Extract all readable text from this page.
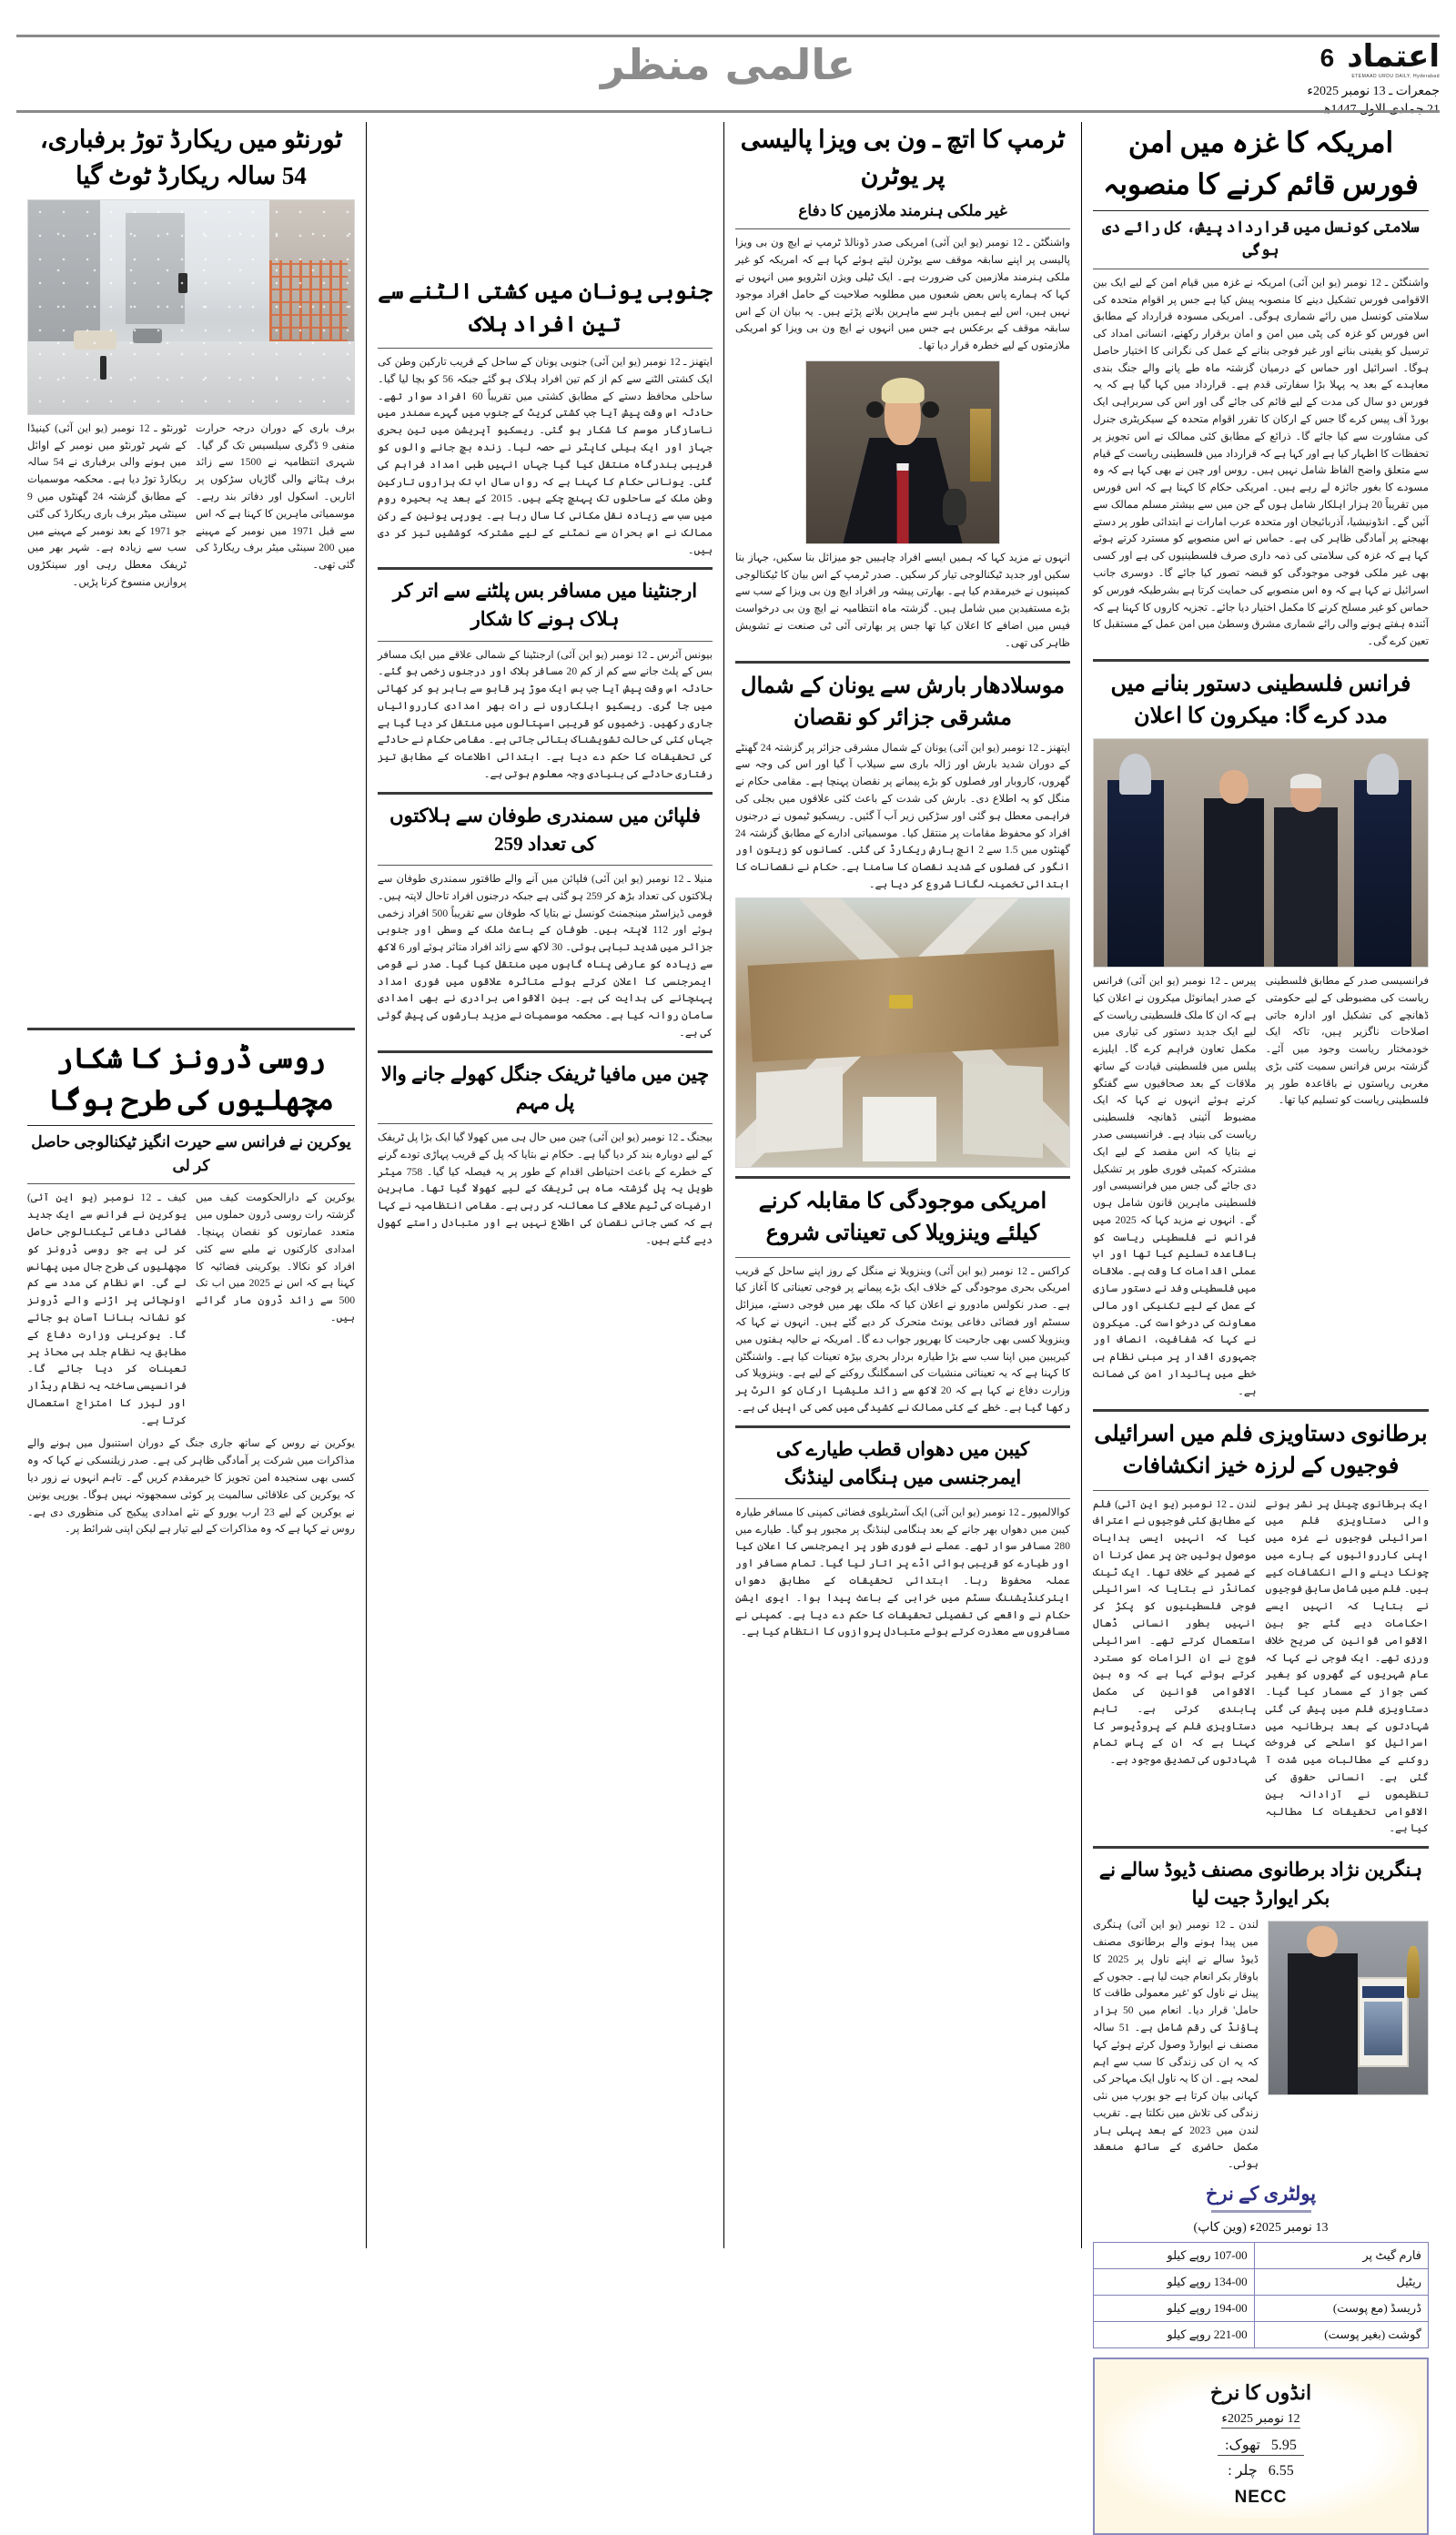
عالمی منظر	اعتماد
6
ETEMAAD URDU DAILY, Hyderabad
جمعرات ـ 13 نومبر 2025ء
امریکہ کا غزہ میں امن فورس قائم کرنے کا منصوبہ
سلامتی کونسل میں قرارداد پیش، کل رائے دی ہوگی
واشنگٹن ـ 12 نومبر (یو این آئی) امریکہ نے غزہ میں قیام امن کے لیے ایک بین الاقوامی فورس تشکیل دینے کا منصوبہ پیش کیا ہے جس پر اقوام متحدہ کی سلامتی کونسل میں رائے شماری ہوگی۔ امریکی مسودہ قرارداد کے مطابق اس فورس کو غزہ کی پٹی میں امن و امان برقرار رکھنے، انسانی امداد کی ترسیل کو یقینی بنانے اور غیر فوجی بنانے کے عمل کی نگرانی کا اختیار حاصل ہوگا۔ اسرائیل اور حماس کے درمیان گزشتہ ماہ طے پانے والے جنگ بندی معاہدے کے بعد یہ پہلا بڑا سفارتی قدم ہے۔ قرارداد میں کہا گیا ہے کہ یہ فورس دو سال کی مدت کے لیے قائم کی جائے گی اور اس کی سربراہی ایک بورڈ آف پیس کرے گا جس کے ارکان کا تقرر اقوام متحدہ کے سیکریٹری جنرل کی مشاورت سے کیا جائے گا۔ ذرائع کے مطابق کئی ممالک نے اس تجویز پر تحفظات کا اظہار کیا ہے اور کہا ہے کہ قرارداد میں فلسطینی ریاست کے قیام سے متعلق واضح الفاظ شامل نہیں ہیں۔ روس اور چین نے بھی کہا ہے کہ وہ مسودے کا بغور جائزہ لے رہے ہیں۔ امریکی حکام کا کہنا ہے کہ اس فورس میں تقریباً 20 ہزار اہلکار شامل ہوں گے جن میں سے بیشتر مسلم ممالک سے آئیں گے۔ انڈونیشیا، آذربائیجان اور متحدہ عرب امارات نے ابتدائی طور پر دستے بھیجنے پر آمادگی ظاہر کی ہے۔ حماس نے اس منصوبے کو مسترد کرتے ہوئے کہا ہے کہ غزہ کی سلامتی کی ذمہ داری صرف فلسطینیوں کی ہے اور کسی بھی غیر ملکی فوجی موجودگی کو قبضہ تصور کیا جائے گا۔ دوسری جانب اسرائیل نے کہا ہے کہ وہ اس منصوبے کی حمایت کرتا ہے بشرطیکہ فورس کو حماس کو غیر مسلح کرنے کا مکمل اختیار دیا جائے۔ تجزیہ کاروں کا کہنا ہے کہ آئندہ ہفتے ہونے والی رائے شماری مشرق وسطیٰ میں امن عمل کے مستقبل کا تعین کرے گی۔
فرانس فلسطینی دستور بنانے میں مدد کرے گا: میکرون کا اعلان
فرانسیسی صدر کے مطابق فلسطینی ریاست کی مضبوطی کے لیے حکومتی ڈھانچے کی تشکیل اور ادارہ جاتی اصلاحات ناگزیر ہیں، تاکہ ایک خودمختار ریاست وجود میں آئے۔ گزشتہ برس فرانس سمیت کئی بڑی مغربی ریاستوں نے باقاعدہ طور پر فلسطینی ریاست کو تسلیم کیا تھا۔
پیرس ـ 12 نومبر (یو این آئی) فرانس کے صدر ایمانوئل میکرون نے اعلان کیا ہے کہ ان کا ملک فلسطینی ریاست کے لیے ایک جدید دستور کی تیاری میں مکمل تعاون فراہم کرے گا۔ ایلیزے پیلس میں فلسطینی قیادت کے ساتھ ملاقات کے بعد صحافیوں سے گفتگو کرتے ہوئے انہوں نے کہا کہ ایک مضبوط آئینی ڈھانچہ فلسطینی ریاست کی بنیاد ہے۔ فرانسیسی صدر نے بتایا کہ اس مقصد کے لیے ایک مشترکہ کمیٹی فوری طور پر تشکیل دی جائے گی جس میں فرانسیسی اور فلسطینی ماہرین قانون شامل ہوں گے۔ انہوں نے مزید کہا کہ 2025 میں فرانس نے فلسطینی ریاست کو باقاعدہ تسلیم کیا تھا اور اب عملی اقدامات کا وقت ہے۔ ملاقات میں فلسطینی وفد نے دستور سازی کے عمل کے لیے تکنیکی اور مالی معاونت کی درخواست کی۔ میکرون نے کہا کہ شفافیت، انصاف اور جمہوری اقدار پر مبنی نظام ہی خطے میں پائیدار امن کی ضمانت ہے۔
برطانوی دستاویزی فلم میں اسرائیلی فوجیوں کے لرزہ خیز انکشافات
ایک برطانوی چینل پر نشر ہونے والی دستاویزی فلم میں اسرائیلی فوجیوں نے غزہ میں اپنی کارروائیوں کے بارے میں چونکا دینے والے انکشافات کیے ہیں۔ فلم میں شامل سابق فوجیوں نے بتایا کہ انہیں ایسے احکامات دیے گئے جو بین الاقوامی قوانین کی صریح خلاف ورزی تھے۔ ایک فوجی نے کہا کہ عام شہریوں کے گھروں کو بغیر کسی جواز کے مسمار کیا گیا۔ دستاویزی فلم میں پیش کی گئی شہادتوں کے بعد برطانیہ میں اسرائیل کو اسلحے کی فروخت روکنے کے مطالبات میں شدت آ گئی ہے۔ انسانی حقوق کی تنظیموں نے آزادانہ بین الاقوامی تحقیقات کا مطالبہ کیا ہے۔
لندن ـ 12 نومبر (یو این آئی) فلم کے مطابق کئی فوجیوں نے اعتراف کیا کہ انہیں ایسی ہدایات موصول ہوئیں جن پر عمل کرنا ان کے ضمیر کے خلاف تھا۔ ایک ٹینک کمانڈر نے بتایا کہ اسرائیلی فوجی فلسطینیوں کو پکڑ کر انہیں بطور انسانی ڈھال استعمال کرتے تھے۔ اسرائیلی فوج نے ان الزامات کو مسترد کرتے ہوئے کہا ہے کہ وہ بین الاقوامی قوانین کی مکمل پابندی کرتی ہے۔ تاہم دستاویزی فلم کے پروڈیوسر کا کہنا ہے کہ ان کے پاس تمام شہادتوں کی تصدیق موجود ہے۔
ہنگرین نژاد برطانوی مصنف ڈیوڈ سالے نے بکر ایوارڈ جیت لیا
لندن ـ 12 نومبر (یو این آئی) ہنگری میں پیدا ہونے والے برطانوی مصنف ڈیوڈ سالے نے اپنے ناول پر 2025 کا باوقار بکر انعام جیت لیا ہے۔ ججوں کے پینل نے ناول کو 'غیر معمولی طاقت کا حامل' قرار دیا۔ انعام میں 50 ہزار پاؤنڈ کی رقم شامل ہے۔ 51 سالہ مصنف نے ایوارڈ وصول کرتے ہوئے کہا کہ یہ ان کی زندگی کا سب سے اہم لمحہ ہے۔ ان کا یہ ناول ایک مہاجر کی کہانی بیان کرتا ہے جو یورپ میں نئی زندگی کی تلاش میں نکلتا ہے۔ تقریب لندن میں 2023 کے بعد پہلی بار مکمل حاضری کے ساتھ منعقد ہوئی۔
پولٹری کے نرخ
13 نومبر 2025ء (وین کاپ)
فارم گیٹ پر	107-00 روپے کیلو
ریٹیل	134-00 روپے کیلو
ڈریسڈ (مع پوست)	194-00 روپے کیلو
گوشت (بغیر پوست)	221-00 روپے کیلو
انڈوں کا نرخ
12 نومبر 2025ء
5.95   تھوک:
6.55   چلر :
NECC
ٹرمپ کا اتچ ـ ون بی ویزا پالیسی پر یوٹرن
غیر ملکی ہنرمند ملازمین کا دفاع
واشنگٹن ـ 12 نومبر (یو این آئی) امریکی صدر ڈونالڈ ٹرمپ نے ایچ ون بی ویزا پالیسی پر اپنے سابقہ موقف سے یوٹرن لیتے ہوئے کہا ہے کہ امریکہ کو غیر ملکی ہنرمند ملازمین کی ضرورت ہے۔ ایک ٹیلی ویژن انٹرویو میں انہوں نے کہا کہ ہمارے پاس بعض شعبوں میں مطلوبہ صلاحیت کے حامل افراد موجود نہیں ہیں، اس لیے ہمیں باہر سے ماہرین بلانے پڑتے ہیں۔ یہ بیان ان کے اس سابقہ موقف کے برعکس ہے جس میں انہوں نے ایچ ون بی ویزا کو امریکی ملازمتوں کے لیے خطرہ قرار دیا تھا۔
انہوں نے مزید کہا کہ ہمیں ایسے افراد چاہییں جو میزائل بنا سکیں، جہاز بنا سکیں اور جدید ٹیکنالوجی تیار کر سکیں۔ صدر ٹرمپ کے اس بیان کا ٹیکنالوجی کمپنیوں نے خیرمقدم کیا ہے۔ بھارتی پیشہ ور افراد ایچ ون بی ویزا کے سب سے بڑے مستفیدین میں شامل ہیں۔ گزشتہ ماہ انتظامیہ نے ایچ ون بی درخواست فیس میں اضافے کا اعلان کیا تھا جس پر بھارتی آئی ٹی صنعت نے تشویش ظاہر کی تھی۔
موسلادھار بارش سے یونان کے شمال مشرقی جزائر کو نقصان
ایتھنز ـ 12 نومبر (یو این آئی) یونان کے شمال مشرقی جزائر پر گزشتہ 24 گھنٹے کے دوران شدید بارش اور ژالہ باری سے سیلاب آ گیا اور اس کی وجہ سے گھروں، کاروبار اور فصلوں کو بڑے پیمانے پر نقصان پہنچا ہے۔ مقامی حکام نے منگل کو یہ اطلاع دی۔ بارش کی شدت کے باعث کئی علاقوں میں بجلی کی فراہمی معطل ہو گئی اور سڑکیں زیر آب آ گئیں۔ ریسکیو ٹیموں نے درجنوں افراد کو محفوظ مقامات پر منتقل کیا۔ موسمیاتی ادارے کے مطابق گزشتہ 24 گھنٹوں میں 1.5 سے 2 انچ بارش ریکارڈ کی گئی۔ کسانوں کو زیتون اور انگور کی فصلوں کے شدید نقصان کا سامنا ہے۔ حکام نے نقصانات کا ابتدائی تخمینہ لگانا شروع کر دیا ہے۔
امریکی موجودگی کا مقابلہ کرنے کیلئے وینزویلا کی تعیناتی شروع
کراکس ـ 12 نومبر (یو این آئی) وینزویلا نے منگل کے روز اپنے ساحل کے قریب امریکی بحری موجودگی کے خلاف ایک بڑے پیمانے پر فوجی تعیناتی کا آغاز کیا ہے۔ صدر نکولس مادورو نے اعلان کیا کہ ملک بھر میں فوجی دستے، میزائل سسٹم اور فضائی دفاعی یونٹ متحرک کر دیے گئے ہیں۔ انہوں نے کہا کہ وینزویلا کسی بھی جارحیت کا بھرپور جواب دے گا۔ امریکہ نے حالیہ ہفتوں میں کیریبین میں اپنا سب سے بڑا طیارہ بردار بحری بیڑہ تعینات کیا ہے۔ واشنگٹن کا کہنا ہے کہ یہ تعیناتی منشیات کی اسمگلنگ روکنے کے لیے ہے۔ وینزویلا کی وزارت دفاع نے کہا ہے کہ 20 لاکھ سے زائد ملیشیا ارکان کو الرٹ پر رکھا گیا ہے۔ خطے کے کئی ممالک نے کشیدگی میں کمی کی اپیل کی ہے۔
کیبن میں دھواں قطب طیارے کی ایمرجنسی میں ہنگامی لینڈنگ
کوالالمپور ـ 12 نومبر (یو این آئی) ایک آسٹریلوی فضائی کمپنی کا مسافر طیارہ کیبن میں دھواں بھر جانے کے بعد ہنگامی لینڈنگ پر مجبور ہو گیا۔ طیارے میں 280 مسافر سوار تھے۔ عملے نے فوری طور پر ایمرجنسی کا اعلان کیا اور طیارے کو قریبی ہوائی اڈے پر اتار لیا گیا۔ تمام مسافر اور عملہ محفوظ رہا۔ ابتدائی تحقیقات کے مطابق دھواں ایئرکنڈیشننگ سسٹم میں خرابی کے باعث پیدا ہوا۔ ایوی ایشن حکام نے واقعے کی تفصیلی تحقیقات کا حکم دے دیا ہے۔ کمپنی نے مسافروں سے معذرت کرتے ہوئے متبادل پروازوں کا انتظام کیا ہے۔
جنوبی یونان میں کشتی الٹنے سے تین افراد ہلاک
ایتھنز ـ 12 نومبر (یو این آئی) جنوبی یونان کے ساحل کے قریب تارکین وطن کی ایک کشتی الٹنے سے کم از کم تین افراد ہلاک ہو گئے جبکہ 56 کو بچا لیا گیا۔ ساحلی محافظ دستے کے مطابق کشتی میں تقریباً 60 افراد سوار تھے۔ حادثہ اس وقت پیش آیا جب کشتی کریٹ کے جنوب میں گہرے سمندر میں ناسازگار موسم کا شکار ہو گئی۔ ریسکیو آپریشن میں تین بحری جہاز اور ایک ہیلی کاپٹر نے حصہ لیا۔ زندہ بچ جانے والوں کو قریبی بندرگاہ منتقل کیا گیا جہاں انہیں طبی امداد فراہم کی گئی۔ یونانی حکام کا کہنا ہے کہ رواں سال اب تک ہزاروں تارکین وطن ملک کے ساحلوں تک پہنچ چکے ہیں۔ 2015 کے بعد یہ بحیرہ روم میں سب سے زیادہ نقل مکانی کا سال رہا ہے۔ یورپی یونین کے رکن ممالک نے اس بحران سے نمٹنے کے لیے مشترکہ کوششیں تیز کر دی ہیں۔
ارجنٹینا میں مسافر بس پلٹنے سے اتر کر ہلاک ہونے کا شکار
بیونس آئرس ـ 12 نومبر (یو این آئی) ارجنٹینا کے شمالی علاقے میں ایک مسافر بس کے پلٹ جانے سے کم از کم 20 مسافر ہلاک اور درجنوں زخمی ہو گئے۔ حادثہ اس وقت پیش آیا جب بس ایک موڑ پر قابو سے باہر ہو کر کھائی میں جا گری۔ ریسکیو اہلکاروں نے رات بھر امدادی کارروائیاں جاری رکھیں۔ زخمیوں کو قریبی اسپتالوں میں منتقل کر دیا گیا ہے جہاں کئی کی حالت تشویشناک بتائی جاتی ہے۔ مقامی حکام نے حادثے کی تحقیقات کا حکم دے دیا ہے۔ ابتدائی اطلاعات کے مطابق تیز رفتاری حادثے کی بنیادی وجہ معلوم ہوتی ہے۔
فلپائن میں سمندری طوفان سے ہلاکتوں کی تعداد 259
منیلا ـ 12 نومبر (یو این آئی) فلپائن میں آنے والے طاقتور سمندری طوفان سے ہلاکتوں کی تعداد بڑھ کر 259 ہو گئی ہے جبکہ درجنوں افراد تاحال لاپتہ ہیں۔ قومی ڈیزاسٹر مینجمنٹ کونسل نے بتایا کہ طوفان سے تقریباً 500 افراد زخمی ہوئے اور 112 لاپتہ ہیں۔ طوفان کے باعث ملک کے وسطی اور جنوبی جزائر میں شدید تباہی ہوئی۔ 30 لاکھ سے زائد افراد متاثر ہوئے اور 6 لاکھ سے زیادہ کو عارضی پناہ گاہوں میں منتقل کیا گیا۔ صدر نے قومی ایمرجنسی کا اعلان کرتے ہوئے متاثرہ علاقوں میں فوری امداد پہنچانے کی ہدایت کی ہے۔ بین الاقوامی برادری نے بھی امدادی سامان روانہ کیا ہے۔ محکمہ موسمیات نے مزید بارشوں کی پیش گوئی کی ہے۔
چین میں مافیا ٹریفک جنگل کھولے جانے والا پل مہم
بیجنگ ـ 12 نومبر (یو این آئی) چین میں حال ہی میں کھولا گیا ایک بڑا پل ٹریفک کے لیے دوبارہ بند کر دیا گیا ہے۔ حکام نے بتایا کہ پل کے قریب پہاڑی تودے گرنے کے خطرے کے باعث احتیاطی اقدام کے طور پر یہ فیصلہ کیا گیا۔ 758 میٹر طویل یہ پل گزشتہ ماہ ہی ٹریفک کے لیے کھولا گیا تھا۔ ماہرین ارضیات کی ٹیم علاقے کا معائنہ کر رہی ہے۔ مقامی انتظامیہ نے کہا ہے کہ کسی جانی نقصان کی اطلاع نہیں ہے اور متبادل راستے کھول دیے گئے ہیں۔
ٹورنٹو میں ریکارڈ توڑ برفباری، 54 سالہ ریکارڈ ٹوٹ گیا
برف باری کے دوران درجہ حرارت منفی 9 ڈگری سیلسیس تک گر گیا۔ شہری انتظامیہ نے 1500 سے زائد برف ہٹانے والی گاڑیاں سڑکوں پر اتاریں۔ اسکول اور دفاتر بند رہے۔ موسمیاتی ماہرین کا کہنا ہے کہ اس سے قبل 1971 میں نومبر کے مہینے میں 200 سینٹی میٹر برف ریکارڈ کی گئی تھی۔
ٹورنٹو ـ 12 نومبر (یو این آئی) کینیڈا کے شہر ٹورنٹو میں نومبر کے اوائل میں ہونے والی برفباری نے 54 سالہ ریکارڈ توڑ دیا ہے۔ محکمہ موسمیات کے مطابق گزشتہ 24 گھنٹوں میں 9 سینٹی میٹر برف باری ریکارڈ کی گئی جو 1971 کے بعد نومبر کے مہینے میں سب سے زیادہ ہے۔ شہر بھر میں ٹریفک معطل رہی اور سینکڑوں پروازیں منسوخ کرنا پڑیں۔
روسی ڈرونز کا شکار مچھلیوں کی طرح ہوگا
یوکرین نے فرانس سے حیرت انگیز ٹیکنالوجی حاصل کر لی
یوکرین کے دارالحکومت کیف میں گزشتہ رات روسی ڈرون حملوں میں متعدد عمارتوں کو نقصان پہنچا۔ امدادی کارکنوں نے ملبے سے کئی افراد کو نکالا۔ یوکرینی فضائیہ کا کہنا ہے کہ اس نے 2025 میں اب تک 500 سے زائد ڈرون مار گرائے ہیں۔
کیف ـ 12 نومبر (یو این آئی) یوکرین نے فرانس سے ایک جدید فضائی دفاعی ٹیکنالوجی حاصل کر لی ہے جو روسی ڈرونز کو مچھلیوں کی طرح جال میں پھانس لے گی۔ اس نظام کی مدد سے کم اونچائی پر اڑنے والے ڈرونز کو نشانہ بنانا آسان ہو جائے گا۔ یوکرینی وزارت دفاع کے مطابق یہ نظام جلد ہی محاذ پر تعینات کر دیا جائے گا۔ فرانسیسی ساختہ یہ نظام ریڈار اور لیزر کا امتزاج استعمال کرتا ہے۔
یوکرین نے روس کے ساتھ جاری جنگ کے دوران استنبول میں ہونے والے مذاکرات میں شرکت پر آمادگی ظاہر کی ہے۔ صدر زیلنسکی نے کہا کہ وہ کسی بھی سنجیدہ امن تجویز کا خیرمقدم کریں گے۔ تاہم انہوں نے زور دیا کہ یوکرین کی علاقائی سالمیت پر کوئی سمجھوتہ نہیں ہوگا۔ یورپی یونین نے یوکرین کے لیے 23 ارب یورو کے نئے امدادی پیکیج کی منظوری دی ہے۔ روس نے کہا ہے کہ وہ مذاکرات کے لیے تیار ہے لیکن اپنی شرائط پر۔
